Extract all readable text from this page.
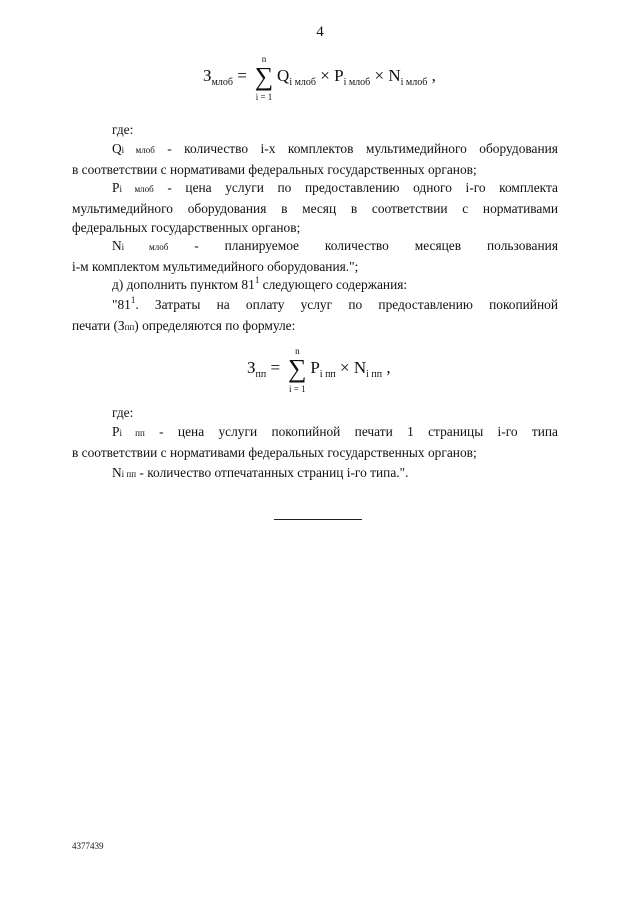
4
$З_{млоб}$ =
n
∑
i = 1
$Q_{i млоб} \times P_{i млоб} \times N_{i млоб}$ ,
где:
Qi млоб - количество i-х комплектов мультимедийного оборудования
в соответствии с нормативами федеральных государственных органов;
Pi млоб - цена услуги по предоставлению одного i-го комплекта
мультимедийного оборудования в месяц в соответствии с нормативами
федеральных государственных органов;
Ni млоб - планируемое количество месяцев пользования
i-м комплектом мультимедийного оборудования.";
д) дополнить пунктом $81^1$ следующего содержания:
"$81^1$. Затраты на оплату услуг по предоставлению покопийной
печати (Зпп) определяются по формуле:
$З_{пп}$ =
n
∑
i = 1
$P_{i пп} \times N_{i пп}$ ,
где:
Pi пп - цена услуги покопийной печати 1 страницы i-го типа
в соответствии с нормативами федеральных государственных органов;
Ni пп - количество отпечатанных страниц i-го типа.".
4377439
